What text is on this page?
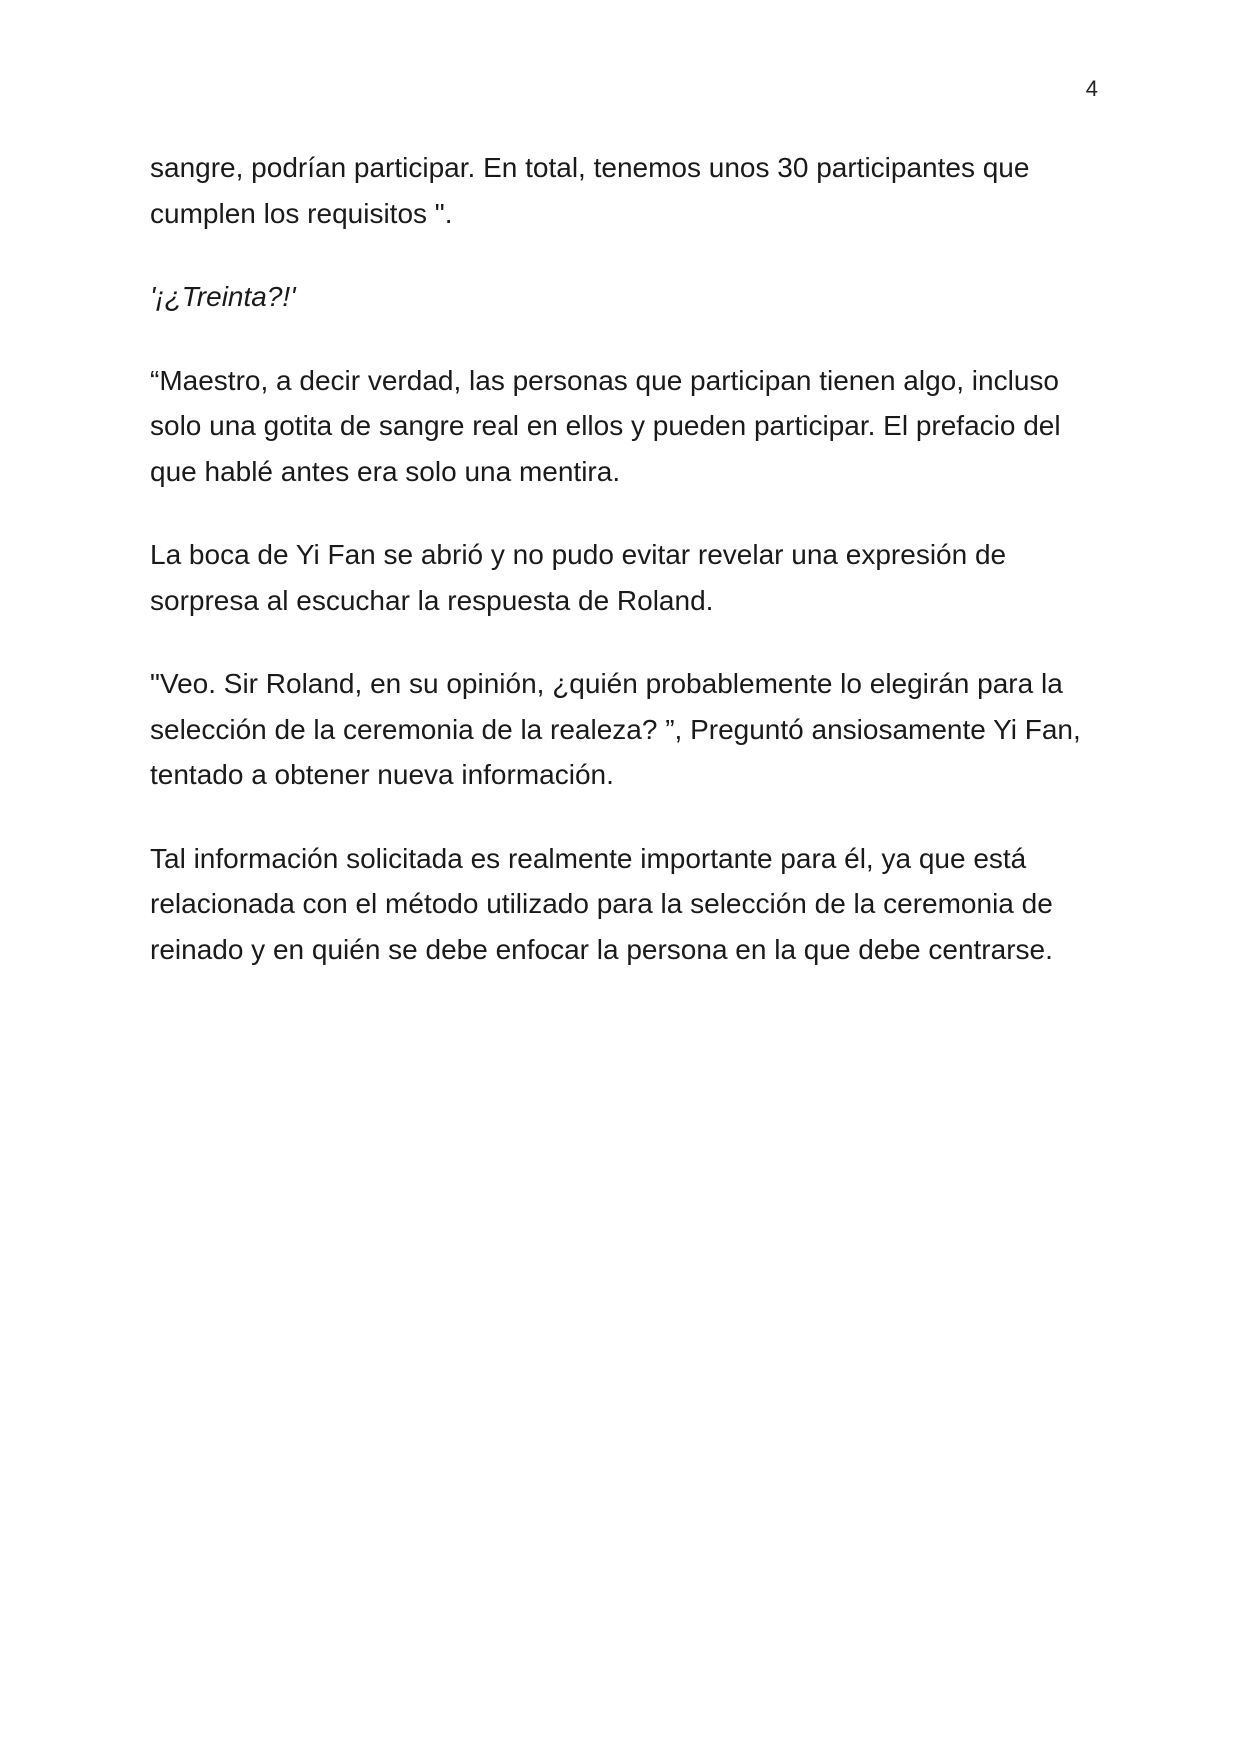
4

sangre, podrían participar. En total, tenemos unos 30 participantes que
cumplen los requisitos ".

'¡¿Treinta?!'

“Maestro, a decir verdad, las personas que participan tienen algo, incluso
solo una gotita de sangre real en ellos y pueden participar. El prefacio del
que hablé antes era solo una mentira.

La boca de Yi Fan se abrió y no pudo evitar revelar una expresión de
sorpresa al escuchar la respuesta de Roland.

"Veo. Sir Roland, en su opinión, ¿quién probablemente lo elegirán para la
selección de la ceremonia de la realeza? ”, Preguntó ansiosamente Yi Fan,
tentado a obtener nueva información.

Tal información solicitada es realmente importante para él, ya que está
relacionada con el método utilizado para la selección de la ceremonia de
reinado y en quién se debe enfocar la persona en la que debe centrarse.
